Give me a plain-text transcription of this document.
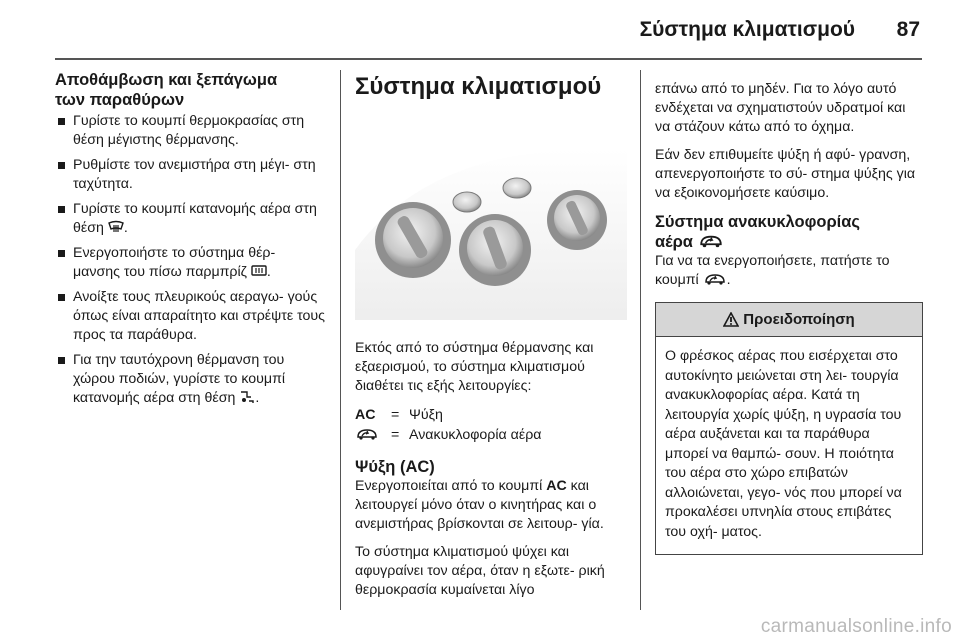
Σύστημα κλιματισμού 87
Αποθάμβωση και ξεπάγωμα
των παραθύρων
Γυρίστε το κουμπί θερμοκρασίας στη θέση μέγιστης θέρμανσης.
Ρυθμίστε τον ανεμιστήρα στη μέγι- στη ταχύτητα.
Γυρίστε το κουμπί κατανομής αέρα στη θέση .
Ενεργοποιήστε το σύστημα θέρ- μανσης του πίσω παρμπρίζ .
Ανοίξτε τους πλευρικούς αεραγω- γούς όπως είναι απαραίτητο και στρέψτε τους προς τα παράθυρα.
Για την ταυτόχρονη θέρμανση του χώρου ποδιών, γυρίστε το κουμπί κατανομής αέρα στη θέση .
Σύστημα κλιματισμού

Εκτός από το σύστημα θέρμανσης και εξαερισμού, το σύστημα κλιματισμού διαθέτει τις εξής λειτουργίες:

AC	=	Ψύξη
	=	Ανακυκλοφορία αέρα
Ψύξη (AC)

Ενεργοποιείται από το κουμπί AC και λειτουργεί μόνο όταν ο κινητήρας και ο ανεμιστήρας βρίσκονται σε λειτουρ- γία.

Το σύστημα κλιματισμού ψύχει και αφυγραίνει τον αέρα, όταν η εξωτε- ρική θερμοκρασία κυμαίνεται λίγο

επάνω από το μηδέν. Για το λόγο αυτό ενδέχεται να σχηματιστούν υδρατμοί και να στάζουν κάτω από το όχημα.

Εάν δεν επιθυμείτε ψύξη ή αφύ- γρανση, απενεργοποιήστε το σύ- στημα ψύξης για να εξοικονομήσετε καύσιμο.

Σύστημα ανακυκλοφορίας
αέρα

Για να τα ενεργοποιήσετε, πατήστε το κουμπί .

Προειδοποίηση
Ο φρέσκος αέρας που εισέρχεται στο αυτοκίνητο μειώνεται στη λει- τουργία ανακυκλοφορίας αέρα. Κατά τη λειτουργία χωρίς ψύξη, η υγρασία του αέρα αυξάνεται και τα παράθυρα μπορεί να θαμπώ- σουν. Η ποιότητα του αέρα στο χώρο επιβατών αλλοιώνεται, γεγο- νός που μπορεί να προκαλέσει υπνηλία στους επιβάτες του οχή- ματος.
carmanualsonline.info
